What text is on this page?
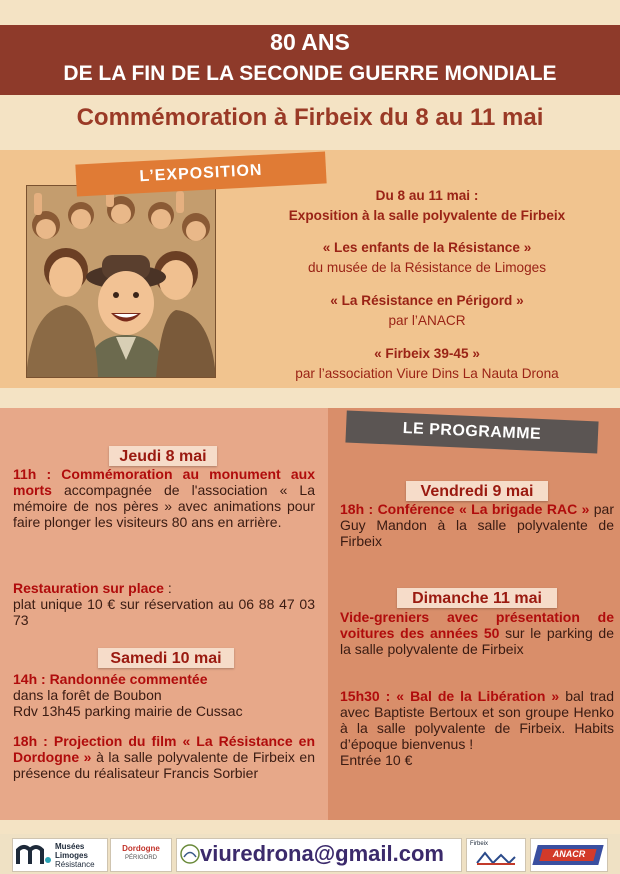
80 ANS
DE LA FIN DE LA SECONDE GUERRE MONDIALE
Commémoration à Firbeix du 8 au 11 mai
L’EXPOSITION
Du 8 au 11 mai :
Exposition à la salle polyvalente de Firbeix
« Les enfants de la Résistance »
du musée de la Résistance de Limoges
« La Résistance en Périgord »
par l’ANACR
« Firbeix 39-45 »
par l’association Viure Dins La Nauta Drona
LE PROGRAMME
Jeudi 8 mai
11h : Commémoration au monument aux morts accompagnée de l'association « La mémoire de nos pères » avec animations pour faire plonger les visiteurs 80 ans en arrière.
Restauration sur place :
plat unique 10 € sur réservation au 06 88 47 03 73
Samedi 10 mai
14h : Randonnée commentée
dans la forêt de Boubon
Rdv 13h45 parking mairie de Cussac
18h : Projection du film « La Résistance en Dordogne » à la salle polyvalente de Firbeix en présence du réalisateur Francis Sorbier
Vendredi 9 mai
18h : Conférence « La brigade RAC » par Guy Mandon à la salle polyvalente de Firbeix
Dimanche 11 mai
Vide-greniers avec présentation de voitures des années 50 sur le parking de la salle polyvalente de Firbeix
15h30 : « Bal de la Libération » bal trad avec Baptiste Bertoux et son groupe Henko à la salle polyvalente de Firbeix. Habits d’époque bienvenus !
Entrée 10 €
Musées
Limoges
Résistance
Dordogne
PÉRIGORD	viuredrona@gmail.com	Firbeix
ANACR
